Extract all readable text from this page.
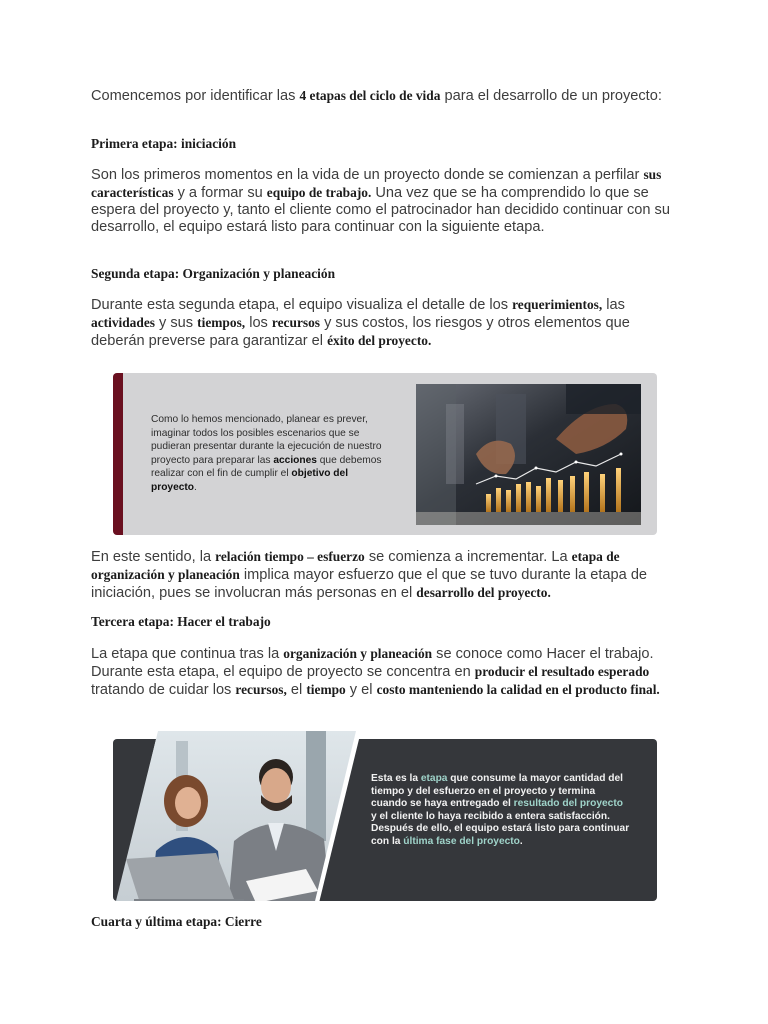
Comencemos por identificar las 4 etapas del ciclo de vida para el desarrollo de un proyecto:

Primera etapa: iniciación

Son los primeros momentos en la vida de un proyecto donde se comienzan a perfilar sus características y a formar su equipo de trabajo. Una vez que se ha comprendido lo que se espera del proyecto y, tanto el cliente como el patrocinador han decidido continuar con su desarrollo, el equipo estará listo para continuar con la siguiente etapa.

Segunda etapa: Organización y planeación

Durante esta segunda etapa, el equipo visualiza el detalle de los requerimientos, las actividades y sus tiempos, los recursos y sus costos, los riesgos y otros elementos que deberán preverse para garantizar el éxito del proyecto.

Como lo hemos mencionado, planear es prever, imaginar todos los posibles escenarios que se pudieran presentar durante la ejecución de nuestro proyecto para preparar las acciones que debemos realizar con el fin de cumplir el objetivo del proyecto.

En este sentido, la relación tiempo – esfuerzo se comienza a incrementar. La etapa de organización y planeación implica mayor esfuerzo que el que se tuvo durante la etapa de iniciación, pues se involucran más personas en el desarrollo del proyecto.

Tercera etapa: Hacer el trabajo

La etapa que continua tras la organización y planeación se conoce como Hacer el trabajo. Durante esta etapa, el equipo de proyecto se concentra en producir el resultado esperado tratando de cuidar los recursos, el tiempo y el costo manteniendo la calidad en el producto final.

Esta es la etapa que consume la mayor cantidad del tiempo y del esfuerzo en el proyecto y termina cuando se haya entregado el resultado del proyecto y el cliente lo haya recibido a entera satisfacción. Después de ello, el equipo estará listo para continuar con la última fase del proyecto.

Cuarta y última etapa: Cierre
